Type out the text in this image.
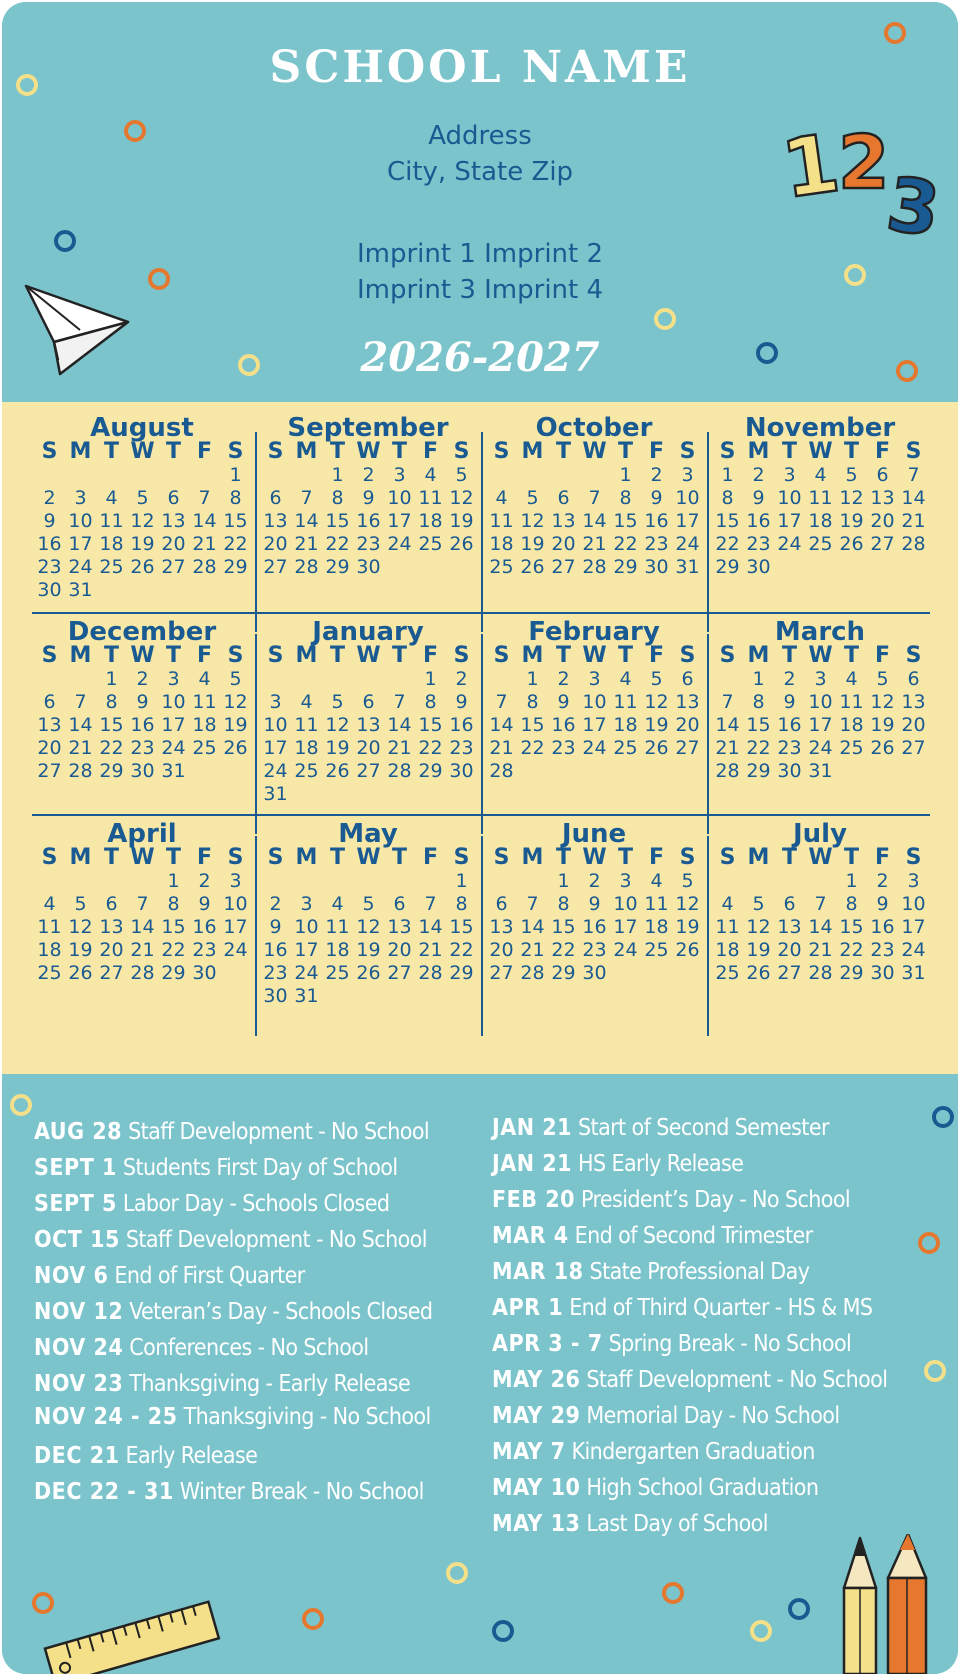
SCHOOL NAME
Address
City, State Zip
Imprint 1 Imprint 2
Imprint 3 Imprint 4
2026-2027
1
2
3
August
S M T W T F S
1
2 3 4 5 6 7 8
9 10 11 12 13 14 15
16 17 18 19 20 21 22
23 24 25 26 27 28 29
30 31
September
S M T W T F S
1 2 3 4 5
6 7 8 9 10 11 12
13 14 15 16 17 18 19
20 21 22 23 24 25 26
27 28 29 30
October
S M T W T F S
1 2 3
4 5 6 7 8 9 10
11 12 13 14 15 16 17
18 19 20 21 22 23 24
25 26 27 28 29 30 31
November
S M T W T F S
1 2 3 4 5 6 7
8 9 10 11 12 13 14
15 16 17 18 19 20 21
22 23 24 25 26 27 28
29 30
December
S M T W T F S
1 2 3 4 5
6 7 8 9 10 11 12
13 14 15 16 17 18 19
20 21 22 23 24 25 26
27 28 29 30 31
January
S M T W T F S
1 2
3 4 5 6 7 8 9
10 11 12 13 14 15 16
17 18 19 20 21 22 23
24 25 26 27 28 29 30
31
February
S M T W T F S
1 2 3 4 5 6
7 8 9 10 11 12 13
14 15 16 17 18 19 20
21 22 23 24 25 26 27
28
March
S M T W T F S
1 2 3 4 5 6
7 8 9 10 11 12 13
14 15 16 17 18 19 20
21 22 23 24 25 26 27
28 29 30 31
April
S M T W T F S
1 2 3
4 5 6 7 8 9 10
11 12 13 14 15 16 17
18 19 20 21 22 23 24
25 26 27 28 29 30
May
S M T W T F S
1
2 3 4 5 6 7 8
9 10 11 12 13 14 15
16 17 18 19 20 21 22
23 24 25 26 27 28 29
30 31
June
S M T W T F S
1 2 3 4 5
6 7 8 9 10 11 12
13 14 15 16 17 18 19
20 21 22 23 24 25 26
27 28 29 30
July
S M T W T F S
1 2 3
4 5 6 7 8 9 10
11 12 13 14 15 16 17
18 19 20 21 22 23 24
25 26 27 28 29 30 31
AUG 28 Staff Development - No School
SEPT 1 Students First Day of School
SEPT 5 Labor Day - Schools Closed
OCT 15 Staff Development - No School
NOV 6 End of First Quarter
NOV 12 Veteran’s Day - Schools Closed
NOV 24 Conferences - No School
NOV 23 Thanksgiving - Early Release
NOV 24 - 25 Thanksgiving - No School
DEC 21 Early Release
DEC 22 - 31 Winter Break - No School
JAN 21 Start of Second Semester
JAN 21 HS Early Release
FEB 20 President’s Day - No School
MAR 4 End of Second Trimester
MAR 18 State Professional Day
APR 1 End of Third Quarter - HS & MS
APR 3 - 7 Spring Break - No School
MAY 26 Staff Development - No School
MAY 29 Memorial Day - No School
MAY 7 Kindergarten Graduation
MAY 10 High School Graduation
MAY 13 Last Day of School
